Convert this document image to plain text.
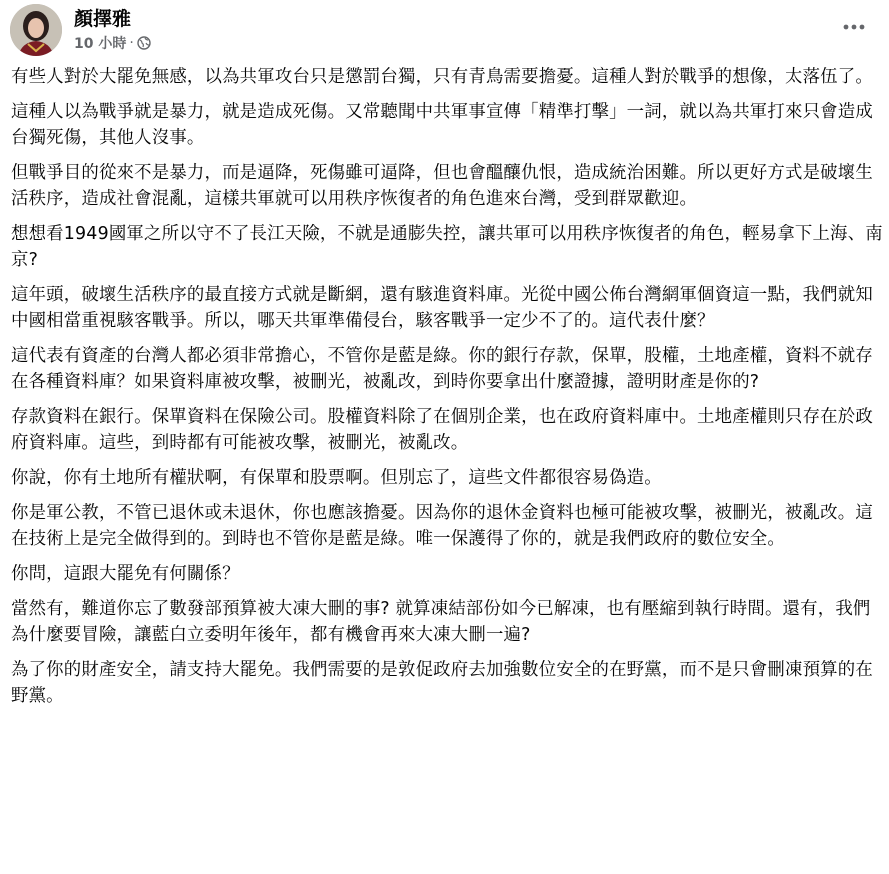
顏擇雅
10 小時 ·

有些人對於大罷免無感，以為共軍攻台只是懲罰台獨，只有青鳥需要擔憂。這種人對於戰爭的想像，太落伍了。

這種人以為戰爭就是暴力，就是造成死傷。又常聽聞中共軍事宣傳「精準打擊」一詞，就以為共軍打來只會造成台獨死傷，其他人沒事。

但戰爭目的從來不是暴力，而是逼降，死傷雖可逼降，但也會醞釀仇恨，造成統治困難。所以更好方式是破壞生活秩序，造成社會混亂，這樣共軍就可以用秩序恢復者的角色進來台灣，受到群眾歡迎。

想想看1949國軍之所以守不了長江天險，不就是通膨失控，讓共軍可以用秩序恢復者的角色，輕易拿下上海、南京?

這年頭，破壞生活秩序的最直接方式就是斷網，還有駭進資料庫。光從中國公佈台灣網軍個資這一點，我們就知中國相當重視駭客戰爭。所以，哪天共軍準備侵台，駭客戰爭一定少不了的。這代表什麼？

這代表有資產的台灣人都必須非常擔心，不管你是藍是綠。你的銀行存款，保單，股權，土地產權，資料不就存在各種資料庫？如果資料庫被攻擊，被刪光，被亂改，到時你要拿出什麼證據，證明財產是你的?

存款資料在銀行。保單資料在保險公司。股權資料除了在個別企業，也在政府資料庫中。土地產權則只存在於政府資料庫。這些，到時都有可能被攻擊，被刪光，被亂改。

你說，你有土地所有權狀啊，有保單和股票啊。但別忘了，這些文件都很容易偽造。

你是軍公教，不管已退休或未退休，你也應該擔憂。因為你的退休金資料也極可能被攻擊，被刪光，被亂改。這在技術上是完全做得到的。到時也不管你是藍是綠。唯一保護得了你的，就是我們政府的數位安全。

你問，這跟大罷免有何關係？

當然有，難道你忘了數發部預算被大凍大刪的事? 就算凍結部份如今已解凍，也有壓縮到執行時間。還有，我們為什麼要冒險，讓藍白立委明年後年，都有機會再來大凍大刪一遍?

為了你的財產安全，請支持大罷免。我們需要的是敦促政府去加強數位安全的在野黨，而不是只會刪凍預算的在野黨。
